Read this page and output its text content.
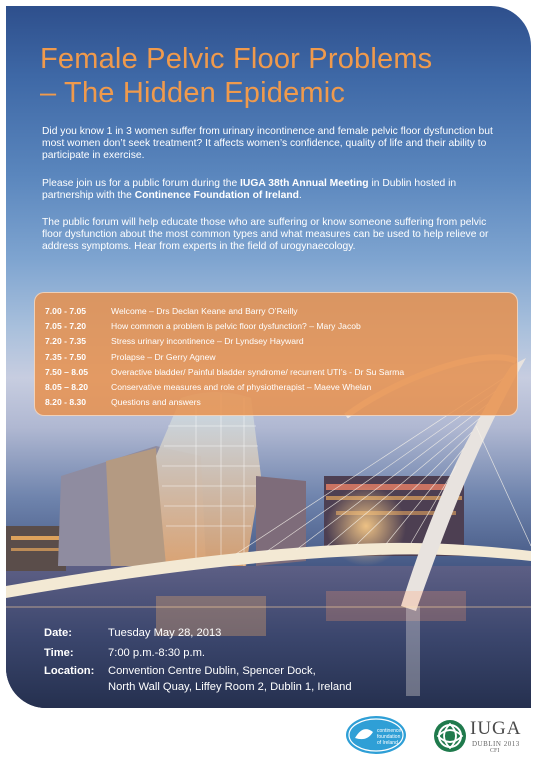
Female Pelvic Floor Problems
– The Hidden Epidemic

Did you know 1 in 3 women suffer from urinary incontinence and female pelvic floor dysfunction but most women don’t seek treatment? It affects women’s confidence, quality of life and their ability to participate in exercise.

Please join us for a public forum during the IUGA 38th Annual Meeting in Dublin hosted in partnership with the Continence Foundation of Ireland.

The public forum will help educate those who are suffering or know someone suffering from pelvic floor dysfunction about the most common types and what measures can be used to help relieve or address symptoms. Hear from experts in the field of urogynaecology.

7.00 - 7.05	Welcome – Drs Declan Keane and Barry O’Reilly
7.05 - 7.20	How common a problem is pelvic floor dysfunction? – Mary Jacob
7.20 - 7.35	Stress urinary incontinence – Dr Lyndsey Hayward
7.35 - 7.50	Prolapse – Dr Gerry Agnew
7.50 – 8.05	Overactive bladder/ Painful bladder syndrome/ recurrent UTI’s - Dr Su Sarma
8.05 – 8.20	Conservative measures and role of physiotherapist – Maeve Whelan
8.20 - 8.30	Questions and answers
Date:	Tuesday May 28, 2013
Time:	7:00 p.m.-8:30 p.m.
Location:	Convention Centre Dublin, Spencer Dock,
North Wall Quay, Liffey Room 2, Dublin 1, Ireland
continence
foundation
of Ireland
IUGA
DUBLIN 2013
CFI
